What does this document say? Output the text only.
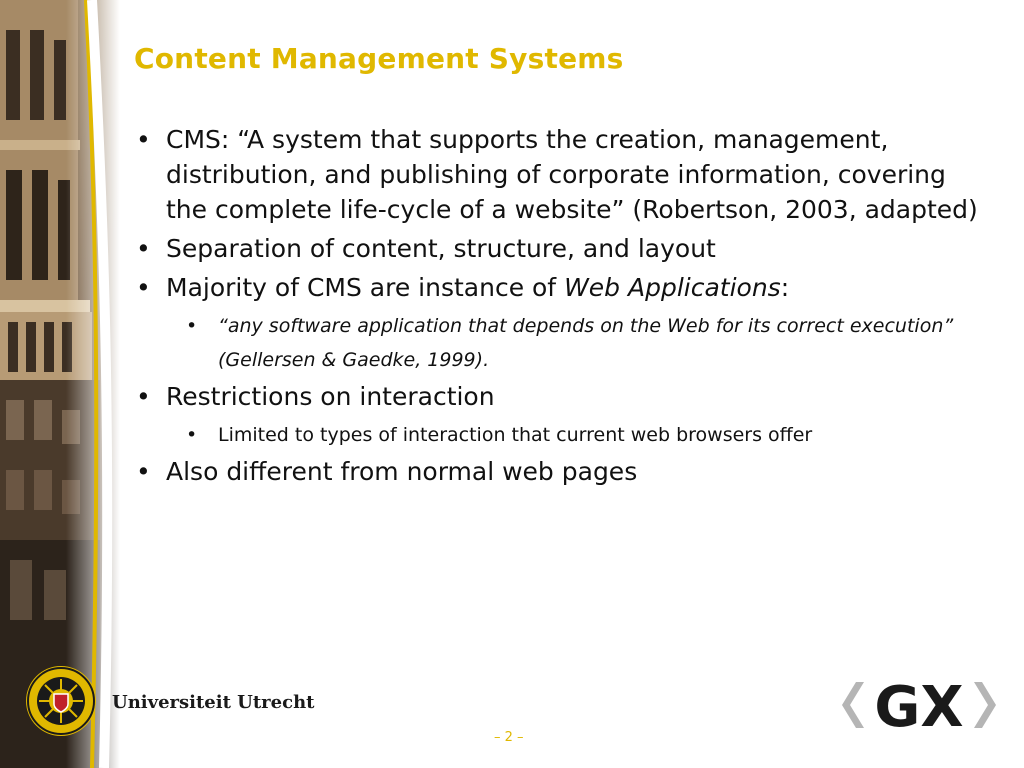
Content Management Systems
• CMS: “A system that supports the creation, management, distribution, and publishing of corporate information, covering the complete life-cycle of a website” (Robertson, 2003, adapted)
• Separation of content, structure, and layout
• Majority of CMS are instance of Web Applications:
• “any software application that depends on the Web for its correct execution” (Gellersen & Gaedke, 1999).
• Restrictions on interaction
• Limited to types of interaction that current web browsers offer
• Also different from normal web pages
Universiteit Utrecht	GX
– 2 –
